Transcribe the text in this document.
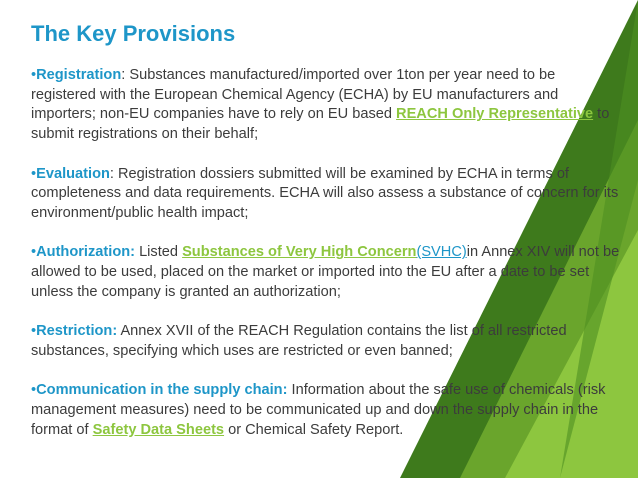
The Key Provisions

•Registration: Substances manufactured/imported over 1ton per year need to be registered with the European Chemical Agency (ECHA) by EU manufacturers and importers; non-EU companies have to rely on EU based REACH Only Representative to submit registrations on their behalf;

•Evaluation: Registration dossiers submitted will be examined by ECHA in terms of completeness and data requirements. ECHA will also assess a substance of concern for its environment/public health impact;

•Authorization: Listed Substances of Very High Concern(SVHC)in Annex XIV will not be allowed to be used, placed on the market or imported into the EU after a date to be set unless the company is granted an authorization;

•Restriction: Annex XVII of the REACH Regulation contains the list of all restricted substances, specifying which uses are restricted or even banned;

•Communication in the supply chain: Information about the safe use of chemicals (risk management measures) need to be communicated up and down the supply chain in the format of Safety Data Sheets or Chemical Safety Report.
